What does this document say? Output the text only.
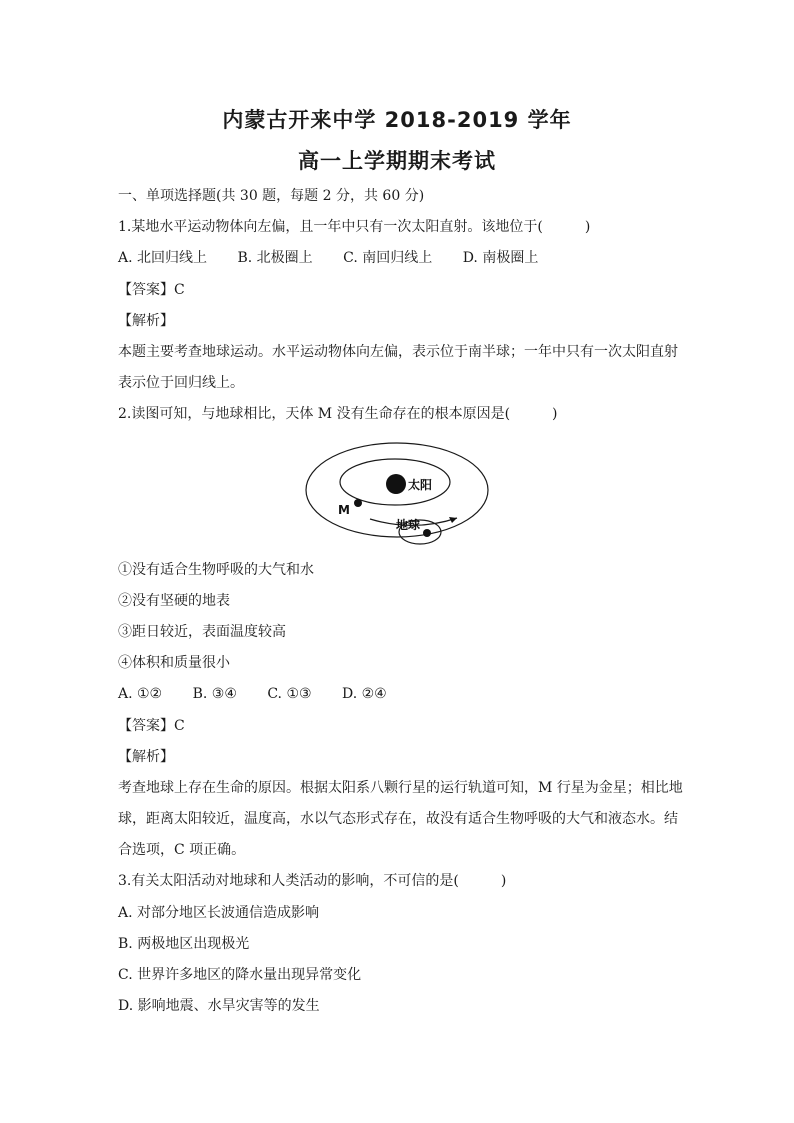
内蒙古开来中学 2018-2019 学年
高一上学期期末考试
一、单项选择题(共 30 题，每题 2 分，共 60 分)
1.某地水平运动物体向左偏，且一年中只有一次太阳直射。该地位于(　　　)
A. 北回归线上 B. 北极圈上 C. 南回归线上 D. 南极圈上
【答案】C
【解析】
本题主要考查地球运动。水平运动物体向左偏，表示位于南半球；一年中只有一次太阳直射
表示位于回归线上。
2.读图可知，与地球相比，天体 M 没有生命存在的根本原因是(　　　)
太阳
M
地球
①没有适合生物呼吸的大气和水
②没有坚硬的地表
③距日较近，表面温度较高
④体积和质量很小
A. ①② B. ③④ C. ①③ D. ②④
【答案】C
【解析】
考查地球上存在生命的原因。根据太阳系八颗行星的运行轨道可知，M 行星为金星；相比地
球，距离太阳较近，温度高，水以气态形式存在，故没有适合生物呼吸的大气和液态水。结
合选项，C 项正确。
3.有关太阳活动对地球和人类活动的影响，不可信的是(　　　)
A. 对部分地区长波通信造成影响
B. 两极地区出现极光
C. 世界许多地区的降水量出现异常变化
D. 影响地震、水旱灾害等的发生
